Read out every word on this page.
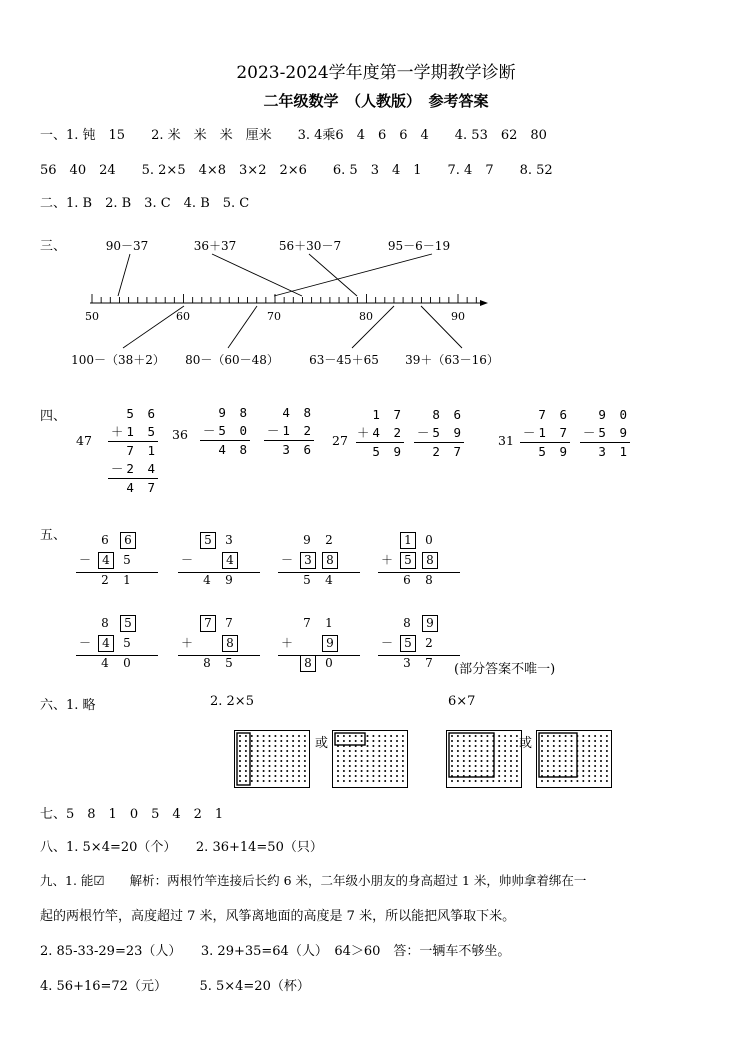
2023-2024学年度第一学期教学诊断
二年级数学　（人教版）　参考答案
一、1. 钝　15　　2. 米　米　米　厘米　　3. 4乘6　4　6　6　4　　4. 53　62　80
56　40　24　　5. 2×5　4×8　3×2　2×6　　6. 5　3　4　1　　7. 4　7　　8. 52
二、1. B　2. B　3. C　4. B　5. C
三、	90－37	36＋37	56＋30－7	95－6－19
50	60	70	80	90
100－（38＋2） 80－（60－48）	63－45＋65 39＋（63－16）
四、
47
5 6
＋1 5
7 1
－2 4
4 7
36
9 8
－5 0
4 8
4 8
－1 2
3 6
27
1 7
＋4 2
5 9
8 6
－5 9
2 7
31
7 6
－1 7
5 9
9 0
－5 9
3 1
五、	6	6
－ 4	5
2 1
5	3
－	4
4 9
9 2
－ 3	8
5 4
1	0
＋ 5	8
6 8
8	5
－ 4	5
4 0
7	7
＋	8
8 5
7 1
＋	9
8	0
8	9
－ 5	2
3 7 (部分答案不唯一)
六、1. 略	2. 2×5	6×7
或	或
七、5　8　1　0　5　4　2　1
八、1. 5×4=20（个）　　2. 36+14=50（只）
九、1. 能☑　　解析：两根竹竿连接后长约 6 米，二年级小朋友的身高超过 1 米，帅帅拿着绑在一
起的两根竹竿，高度超过 7 米，风筝离地面的高度是 7 米，所以能把风筝取下米。
2. 85-33-29=23（人）　　3. 29+35=64（人）　64＞60　答：一辆车不够坐。
4. 56+16=72（元）　　　5. 5×4=20（杯）
